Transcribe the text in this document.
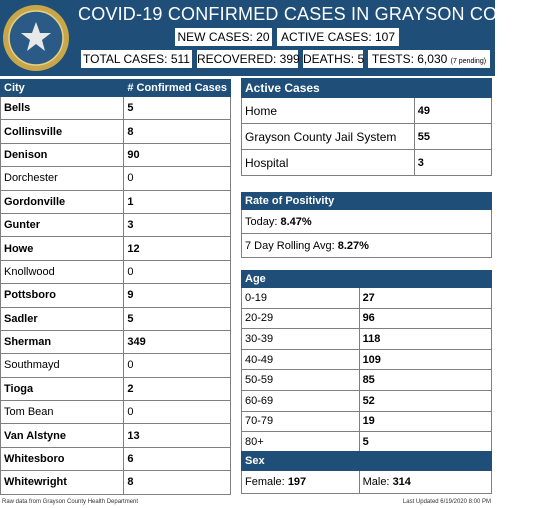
COVID-19 CONFIRMED CASES IN GRAYSON COUNTY
NEW CASES: 20 ACTIVE CASES: 107
TOTAL CASES: 511 RECOVERED: 399 DEATHS: 5 TESTS: 6,030 (7 pending)
City	# Confirmed Cases
Bells	5
Collinsville	8
Denison	90
Dorchester	0
Gordonville	1
Gunter	3
Howe	12
Knollwood	0
Pottsboro	9
Sadler	5
Sherman	349
Southmayd	0
Tioga	2
Tom Bean	0
Van Alstyne	13
Whitesboro	6
Whitewright	8
Active Cases	
Home	49
Grayson County Jail System	55
Hospital	3
Rate of Positivity
Today: 8.47%
7 Day Rolling Avg: 8.27%
Age	
0-19	27
20-29	96
30-39	118
40-49	109
50-59	85
60-69	52
70-79	19
80+	5
Sex	
Female: 197	Male: 314
Raw data from Grayson County Health Department	Last Updated 6/19/2020 8:00 PM
